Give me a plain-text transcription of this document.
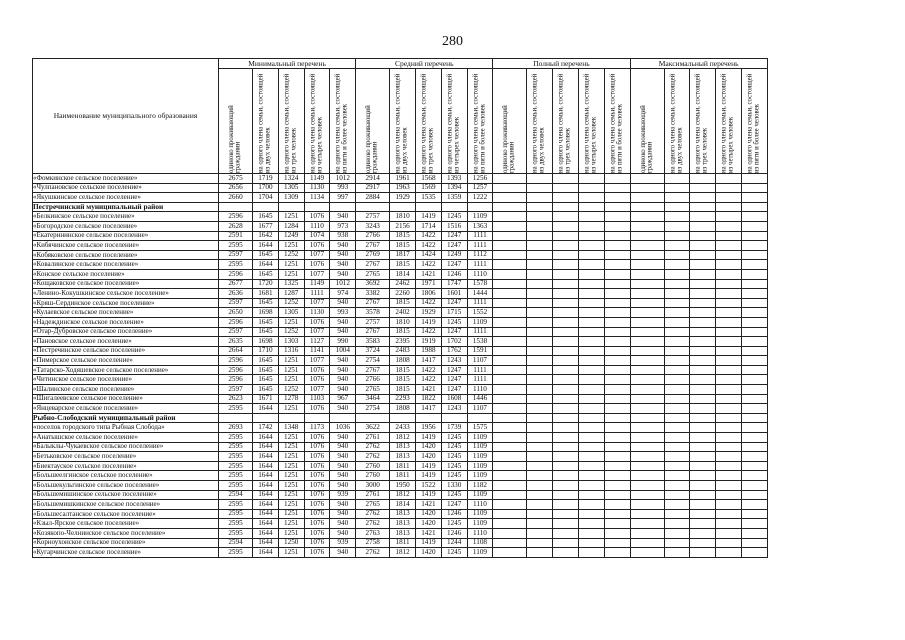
280
Наименование муниципального образования	Минимальный перечень					Средний перечень					Полный перечень					Максимальный перечень				

одиноко проживающий гражданин	на одного члена семьи, состоящей из двух человек	на одного члена семьи, состоящей из трех человек	на одного члена семьи, состоящей из четырех человек	на одного члена семьи, состоящей из пяти и более человек	одиноко проживающий гражданин	на одного члена семьи, состоящей из двух человек	на одного члена семьи, состоящей из трех человек	на одного члена семьи, состоящей из четырех человек	на одного члена семьи, состоящей из пяти и более человек	одиноко проживающий гражданин	на одного члена семьи, состоящей из двух человек	на одного члена семьи, состоящей из трех человек	на одного члена семьи, состоящей из четырех человек	на одного члена семьи, состоящей из пяти и более человек	одиноко проживающий гражданин	на одного члена семьи, состоящей из двух человек	на одного члена семьи, состоящей из трех человек	на одного члена семьи, состоящей из четырех человек	на одного члена семьи, состоящей из пяти и более человек

«Фомкинское сельское поселение»	2675	1719	1324	1149	1012	2914	1961	1568	1393	1256										
«Чулпановское сельское поселение»	2656	1700	1305	1130	993	2917	1963	1569	1394	1257										
«Якушкинское сельское поселение»	2660	1704	1309	1134	997	2884	1929	1535	1359	1222										
Пестречинский муниципальный район																				
«Белкинское сельское поселение»	2596	1645	1251	1076	940	2757	1810	1419	1245	1109										
«Богородское сельское поселение»	2628	1677	1284	1110	973	3243	2156	1714	1516	1363										
«Екатерининское сельское поселение»	2591	1642	1249	1074	938	2766	1815	1422	1247	1111										
«Кибячинское сельское поселение»	2595	1644	1251	1076	940	2767	1815	1422	1247	1111										
«Кобяковское сельское поселение»	2597	1645	1252	1077	940	2769	1817	1424	1249	1112										
«Ковалинское сельское поселение»	2595	1644	1251	1076	940	2767	1815	1422	1247	1111										
«Конское сельское поселение»	2596	1645	1251	1077	940	2765	1814	1421	1246	1110										
«Кощаковское сельское поселение»	2677	1720	1325	1149	1012	3692	2462	1971	1747	1578										
«Ленино-Кокушкинское сельское поселение»	2636	1681	1287	1111	974	3382	2260	1806	1601	1444										
«Кряш-Сердинское сельское поселение»	2597	1645	1252	1077	940	2767	1815	1422	1247	1111										
«Кулаевское сельское поселение»	2650	1698	1305	1130	993	3578	2402	1929	1715	1552										
«Надеждинское сельское поселение»	2596	1645	1251	1076	940	2757	1810	1419	1245	1109										
«Отар-Дубровское сельское поселение»	2597	1645	1252	1077	940	2767	1815	1422	1247	1111										
«Пановское сельское поселение»	2635	1698	1303	1127	990	3583	2395	1919	1702	1538										
«Пестречинское сельское поселение»	2664	1710	1316	1141	1004	3724	2483	1988	1762	1591										
«Пимерское сельское поселение»	2596	1645	1251	1077	940	2754	1808	1417	1243	1107										
«Татарско-Ходяшевское сельское поселение»	2596	1645	1251	1076	940	2767	1815	1422	1247	1111										
«Читинское сельское поселение»	2596	1645	1251	1076	940	2766	1815	1422	1247	1111										
«Шалинское сельское поселение»	2597	1645	1252	1077	940	2765	1815	1421	1247	1110										
«Шигалеевское сельское поселение»	2623	1671	1278	1103	967	3464	2293	1822	1608	1446										
«Янцеварское сельское поселение»	2595	1644	1251	1076	940	2754	1808	1417	1243	1107										
Рыбно-Слободский муниципальный район																				
«поселок городского типа Рыбная Слобода»	2693	1742	1348	1173	1036	3622	2433	1956	1739	1575										
«Анатышское сельское поселение»	2595	1644	1251	1076	940	2761	1812	1419	1245	1109										
«Балыклы-Чукаевское сельское поселение»	2595	1644	1251	1076	940	2762	1813	1420	1245	1109										
«Бетьковское сельское поселение»	2595	1644	1251	1076	940	2762	1813	1420	1245	1109										
«Биектауское сельское поселение»	2595	1644	1251	1076	940	2760	1811	1419	1245	1109										
«Большеелгинское сельское поселение»	2595	1644	1251	1076	940	2760	1811	1419	1245	1109										
«Большекульгинское сельское поселение»	2595	1644	1251	1076	940	3000	1950	1522	1330	1182										
«Большемишинское сельское поселение»	2594	1644	1251	1076	939	2761	1812	1419	1245	1109										
«Большемишкинское сельское поселение»	2595	1644	1251	1076	940	2765	1814	1421	1247	1110										
«Большесалтанское сельское поселение»	2595	1644	1251	1076	940	2762	1813	1420	1246	1109										
«Кзыл-Ярское сельское поселение»	2595	1644	1251	1076	940	2762	1813	1420	1245	1109										
«Козякопо-Челнинское сельское поселение»	2595	1644	1251	1076	940	2763	1813	1421	1246	1110										
«Корноухонское сельское поселение»	2594	1644	1250	1076	939	2758	1811	1419	1244	1108										
«Кугарчинское сельское поселение»	2595	1644	1251	1076	940	2762	1812	1420	1245	1109										
